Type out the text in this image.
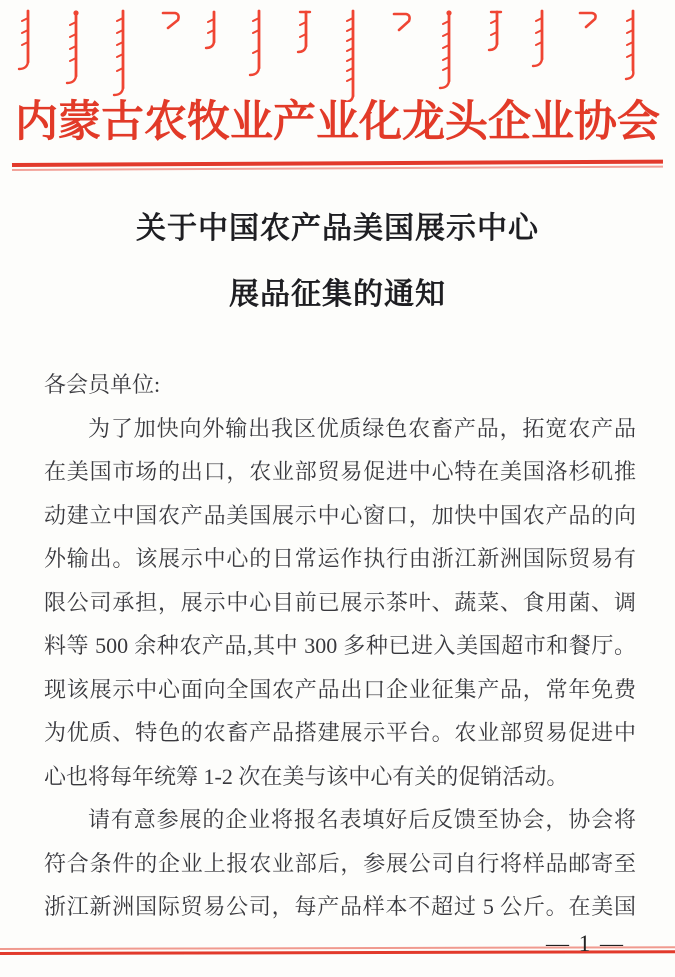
内蒙古农牧业产业化龙头企业协会
关于中国农产品美国展示中心
展品征集的通知
各会员单位:
为了加快向外输出我区优质绿色农畜产品，拓宽农产品
在美国市场的出口，农业部贸易促进中心特在美国洛杉矶推
动建立中国农产品美国展示中心窗口，加快中国农产品的向
外输出。该展示中心的日常运作执行由浙江新洲国际贸易有
限公司承担，展示中心目前已展示茶叶、蔬菜、食用菌、调
料等 500 余种农产品,其中 300 多种已进入美国超市和餐厅。
现该展示中心面向全国农产品出口企业征集产品，常年免费
为优质、特色的农畜产品搭建展示平台。农业部贸易促进中
心也将每年统筹 1-2 次在美与该中心有关的促销活动。
请有意参展的企业将报名表填好后反馈至协会，协会将
符合条件的企业上报农业部后，参展公司自行将样品邮寄至
浙江新洲国际贸易公司，每产品样本不超过 5 公斤。在美国
— 1 —
